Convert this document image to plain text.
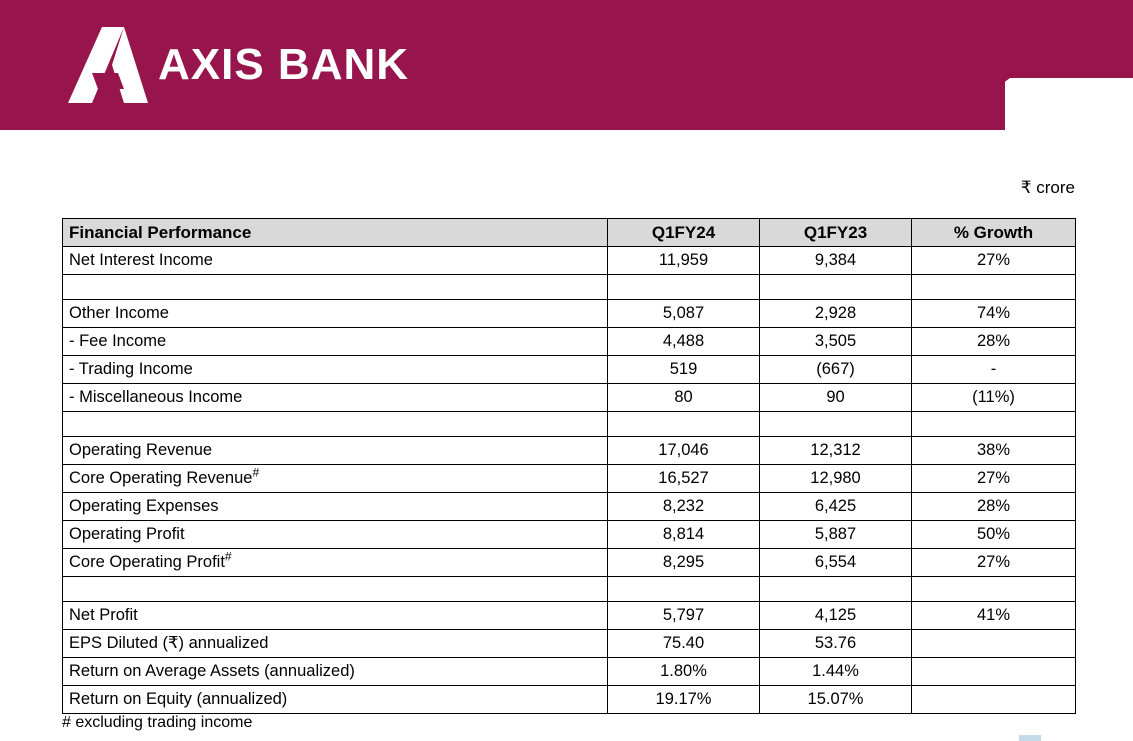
AXIS BANK
₹ crore
Financial Performance	Q1FY24	Q1FY23	% Growth
Net Interest Income	11,959	9,384	27%

Other Income	5,087	2,928	74%
- Fee Income	4,488	3,505	28%
- Trading Income	519	(667)	-
- Miscellaneous Income	80	90	(11%)

Operating Revenue	17,046	12,312	38%
Core Operating Revenue#	16,527	12,980	27%
Operating Expenses	8,232	6,425	28%
Operating Profit	8,814	5,887	50%
Core Operating Profit#	8,295	6,554	27%

Net Profit	5,797	4,125	41%
EPS Diluted (₹) annualized	75.40	53.76	
Return on Average Assets (annualized)	1.80%	1.44%	
Return on Equity (annualized)	19.17%	15.07%	
# excluding trading income
